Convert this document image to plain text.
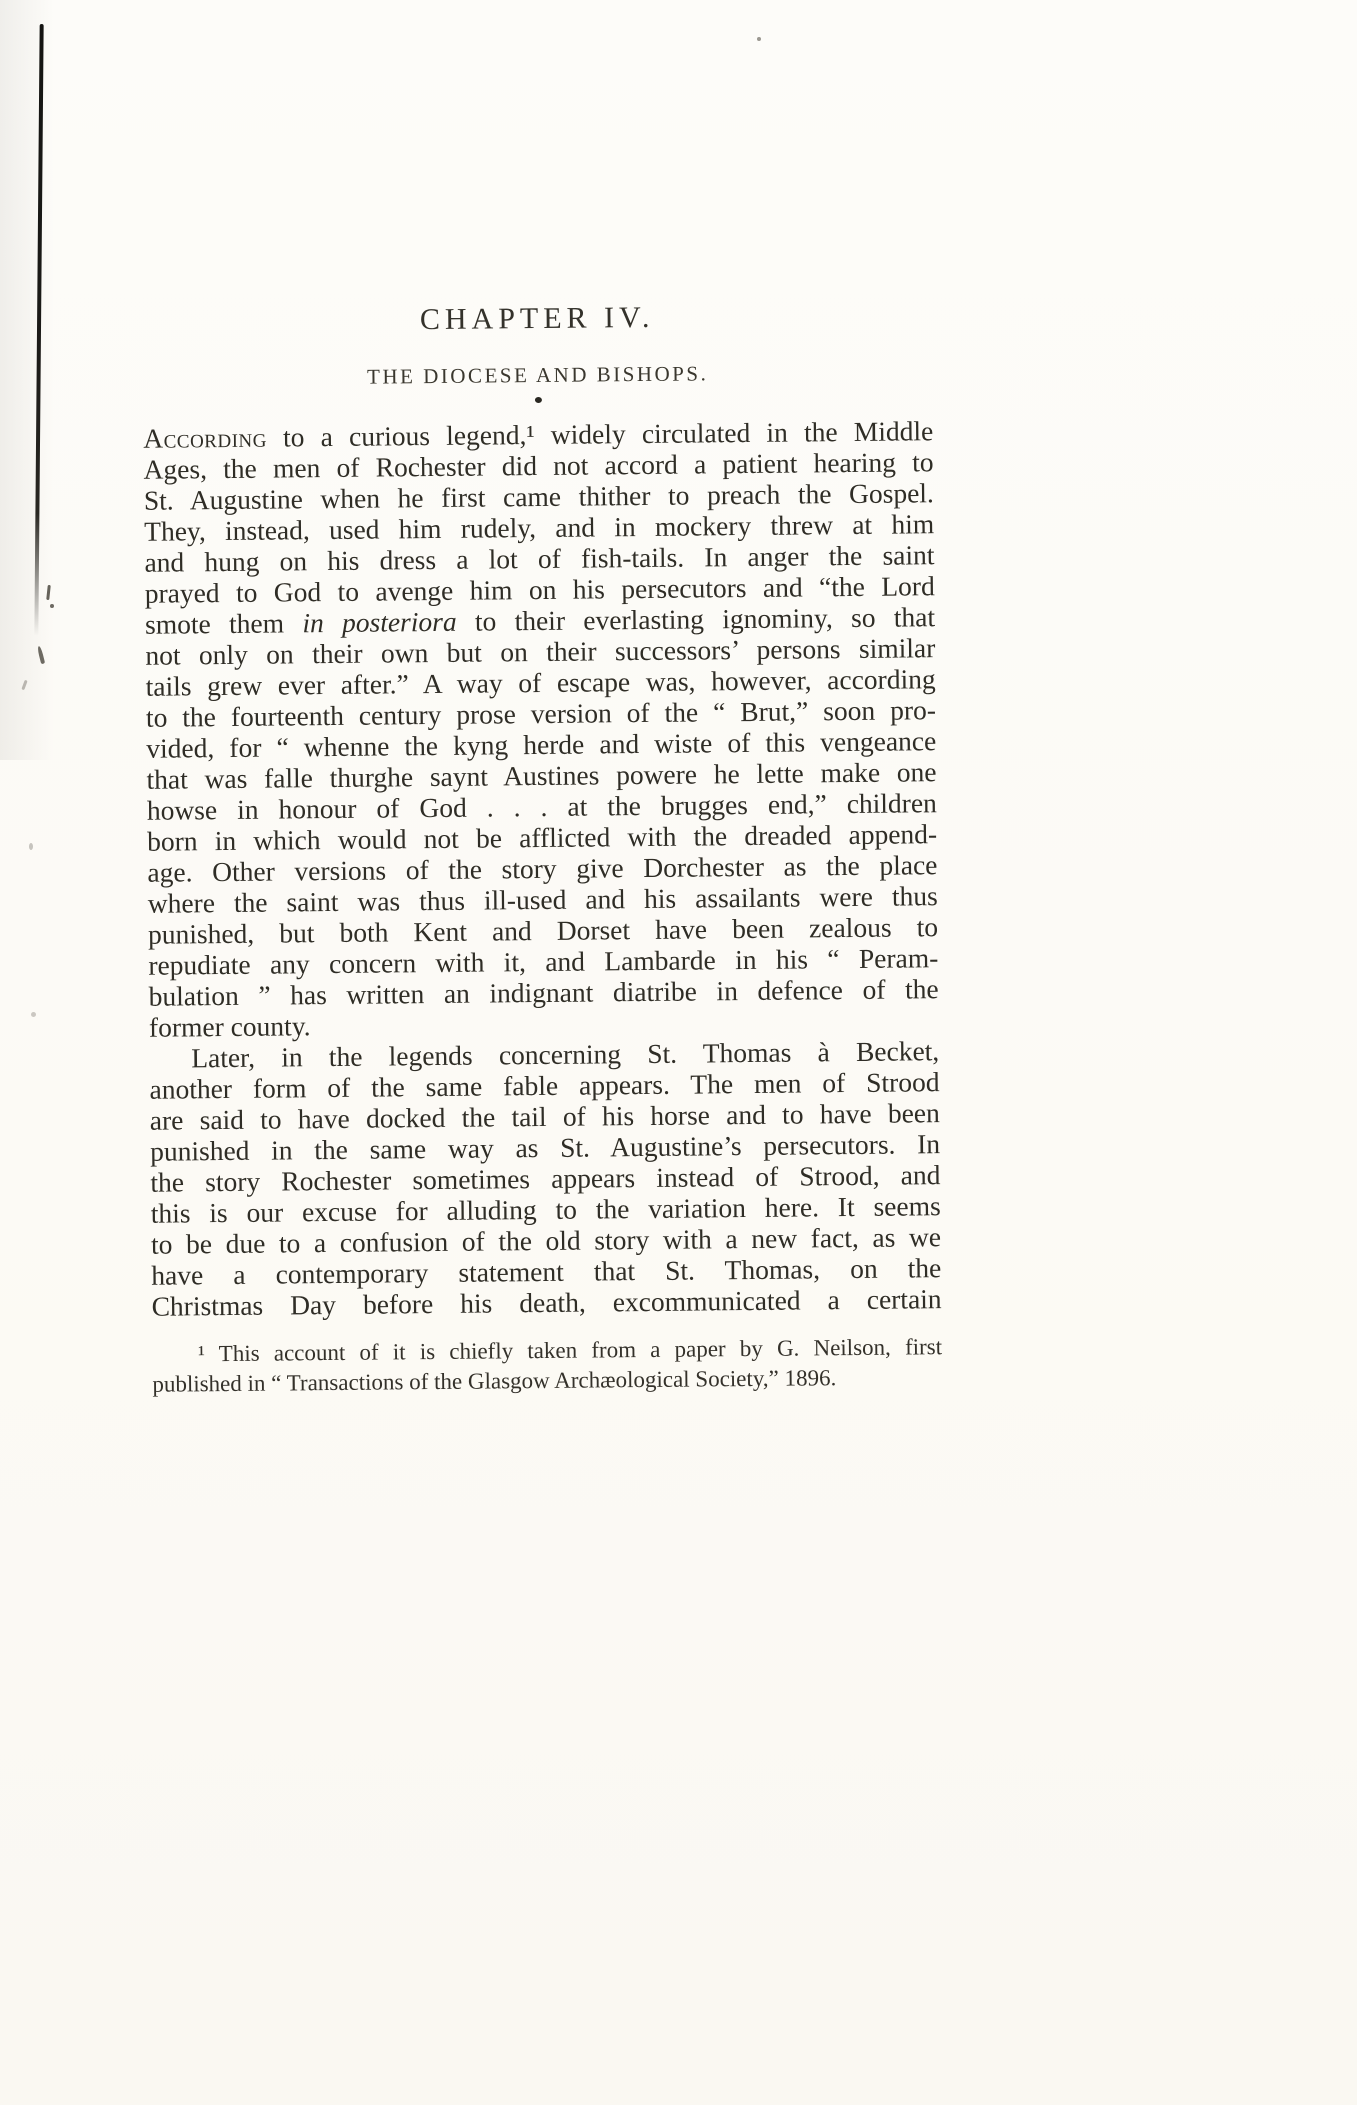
CHAPTER IV.
THE DIOCESE AND BISHOPS.
According to a curious legend,¹ widely circulated in the Middle
Ages, the men of Rochester did not accord a patient hearing to
St. Augustine when he first came thither to preach the Gospel.
They, instead, used him rudely, and in mockery threw at him
and hung on his dress a lot of fish-tails. In anger the saint
prayed to God to avenge him on his persecutors and “the Lord
smote them in posteriora to their everlasting ignominy, so that
not only on their own but on their successors’ persons similar
tails grew ever after.” A way of escape was, however, according
to the fourteenth century prose version of the “ Brut,” soon pro-
vided, for “ whenne the kyng herde and wiste of this vengeance
that was falle thurghe saynt Austines powere he lette make one
howse in honour of God . . . at the brugges end,” children
born in which would not be afflicted with the dreaded append-
age. Other versions of the story give Dorchester as the place
where the saint was thus ill-used and his assailants were thus
punished, but both Kent and Dorset have been zealous to
repudiate any concern with it, and Lambarde in his “ Peram-
bulation ” has written an indignant diatribe in defence of the
former county.
Later, in the legends concerning St. Thomas à Becket,
another form of the same fable appears. The men of Strood
are said to have docked the tail of his horse and to have been
punished in the same way as St. Augustine’s persecutors. In
the story Rochester sometimes appears instead of Strood, and
this is our excuse for alluding to the variation here. It seems
to be due to a confusion of the old story with a new fact, as we
have a contemporary statement that St. Thomas, on the
Christmas Day before his death, excommunicated a certain
¹ This account of it is chiefly taken from a paper by G. Neilson, first
published in “ Transactions of the Glasgow Archæological Society,” 1896.
